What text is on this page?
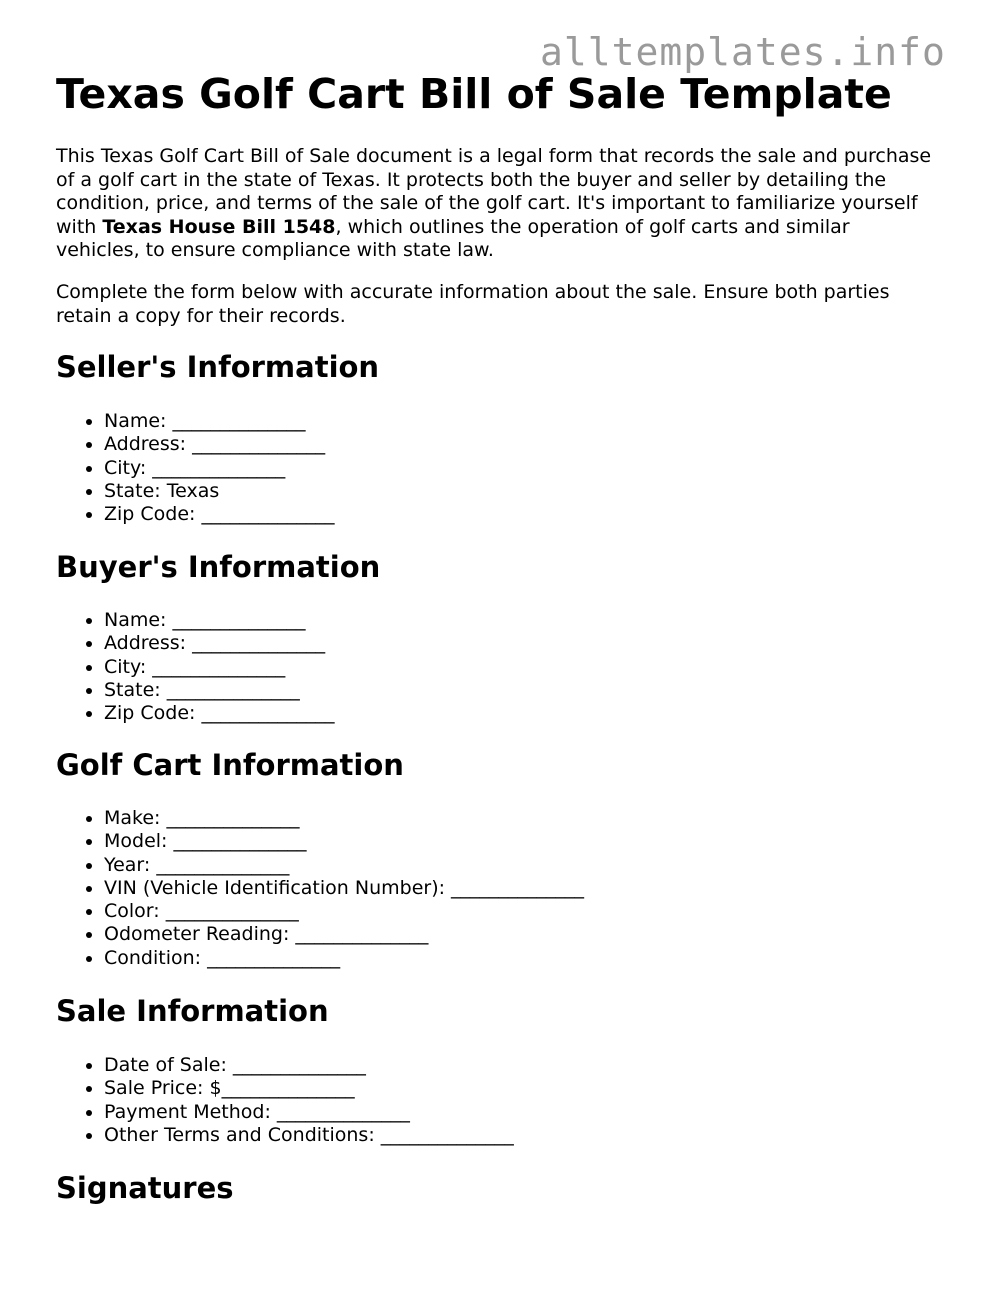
alltemplates.info
Texas Golf Cart Bill of Sale Template

This Texas Golf Cart Bill of Sale document is a legal form that records the sale and purchase of a golf cart in the state of Texas. It protects both the buyer and seller by detailing the condition, price, and terms of the sale of the golf cart. It's important to familiarize yourself with Texas House Bill 1548, which outlines the operation of golf carts and similar vehicles, to ensure compliance with state law.

Complete the form below with accurate information about the sale. Ensure both parties retain a copy for their records.

Seller's Information
• Name: ______________
• Address: ______________
• City: ______________
• State: Texas
• Zip Code: ______________
Buyer's Information
• Name: ______________
• Address: ______________
• City: ______________
• State: ______________
• Zip Code: ______________
Golf Cart Information
• Make: ______________
• Model: ______________
• Year: ______________
• VIN (Vehicle Identification Number): ______________
• Color: ______________
• Odometer Reading: ______________
• Condition: ______________
Sale Information
• Date of Sale: ______________
• Sale Price: $______________
• Payment Method: ______________
• Other Terms and Conditions: ______________
Signatures
